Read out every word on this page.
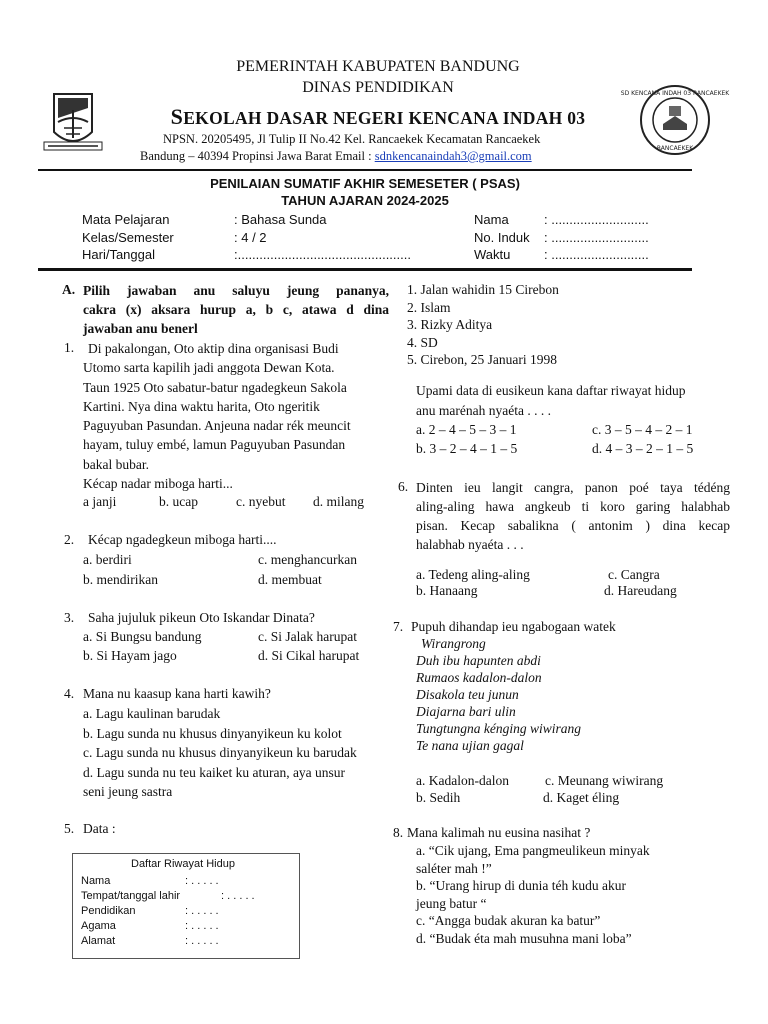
SD KENCANA INDAH 03 RANCAEKEK
RANCAEKEK
PEMERINTAH KABUPATEN BANDUNG
DINAS PENDIDIKAN
SEKOLAH DASAR NEGERI KENCANA INDAH 03
NPSN. 20205495, Jl Tulip II No.42 Kel. Rancaekek Kecamatan Rancaekek
Bandung – 40394 Propinsi Jawa Barat Email : sdnkencanaindah3@gmail.com
PENILAIAN SUMATIF AKHIR SEMESETER ( PSAS)
TAHUN AJARAN 2024-2025
Mata Pelajaran	: Bahasa Sunda
Kelas/Semester	: 4 / 2
Hari/Tanggal	:................................................
Nama	: ...........................
No. Induk : ...........................
Waktu	: ...........................
A. Pilih jawaban anu saluyu jeung pananya,
cakra (x) aksara hurup a, b c, atawa d dina
jawaban anu benerl
1.	Di pakalongan, Oto aktip dina organisasi Budi
Utomo sarta kapilih jadi anggota Dewan Kota.
Taun 1925 Oto sabatur-batur ngadegkeun Sakola
Kartini. Nya dina waktu harita, Oto ngeritik
Paguyuban Pasundan. Anjeuna nadar rék meuncit
hayam, tuluy embé, lamun Paguyuban Pasundan
bakal bubar.
Kécap nadar miboga harti...
a janji	b. ucap	c. nyebut d. milang
2. Kécap ngadegkeun miboga harti....
a. berdiri	c. menghancurkan
b. mendirikan	d. membuat
3. Saha jujuluk pikeun Oto Iskandar Dinata?
a. Si Bungsu bandung	c. Si Jalak harupat
b. Si Hayam jago	d. Si Cikal harupat
4. Mana nu kaasup kana harti kawih?
a. Lagu kaulinan barudak
b. Lagu sunda nu khusus dinyanyikeun ku kolot
c. Lagu sunda nu khusus dinyanyikeun ku barudak
d. Lagu sunda nu teu kaiket ku aturan, aya unsur
seni jeung sastra
5. Data :
Daftar Riwayat Hidup
Nama	: . . . . .
Tempat/tanggal lahir	: . . . . .
Pendidikan	: . . . . .
Agama	: . . . . .
Alamat	: . . . . .
1. Jalan wahidin 15 Cirebon
2. Islam
3. Rizky Aditya
4. SD
5. Cirebon, 25 Januari 1998
Upami data di eusikeun kana daftar riwayat hidup
anu marénah nyaéta . . . .
a. 2 – 4 – 5 – 3 – 1	c. 3 – 5 – 4 – 2 – 1
b. 3 – 2 – 4 – 1 – 5	d. 4 – 3 – 2 – 1 – 5
6. Dinten ieu langit cangra, panon poé taya tédéng
aling-aling hawa angkeub ti koro garing halabhab
pisan. Kecap sabalikna ( antonim ) dina kecap
halabhab nyaéta . . .
a. Tedeng aling-aling	c. Cangra
b. Hanaang	d. Hareudang
7. Pupuh dihandap ieu ngabogaan watek
Wirangrong
Duh ibu hapunten abdi
Rumaos kadalon-dalon
Disakola teu junun
Diajarna bari ulin
Tungtungna kénging wiwirang
Te nana ujian gagal
a. Kadalon-dalon	c. Meunang wiwirang
b. Sedih	d. Kaget éling
8. Mana kalimah nu eusina nasihat ?
a. “Cik ujang, Ema pangmeulikeun minyak
saléter mah !”
b. “Urang hirup di dunia téh kudu akur
jeung batur “
c. “Angga budak akuran ka batur”
d. “Budak éta mah musuhna mani loba”
